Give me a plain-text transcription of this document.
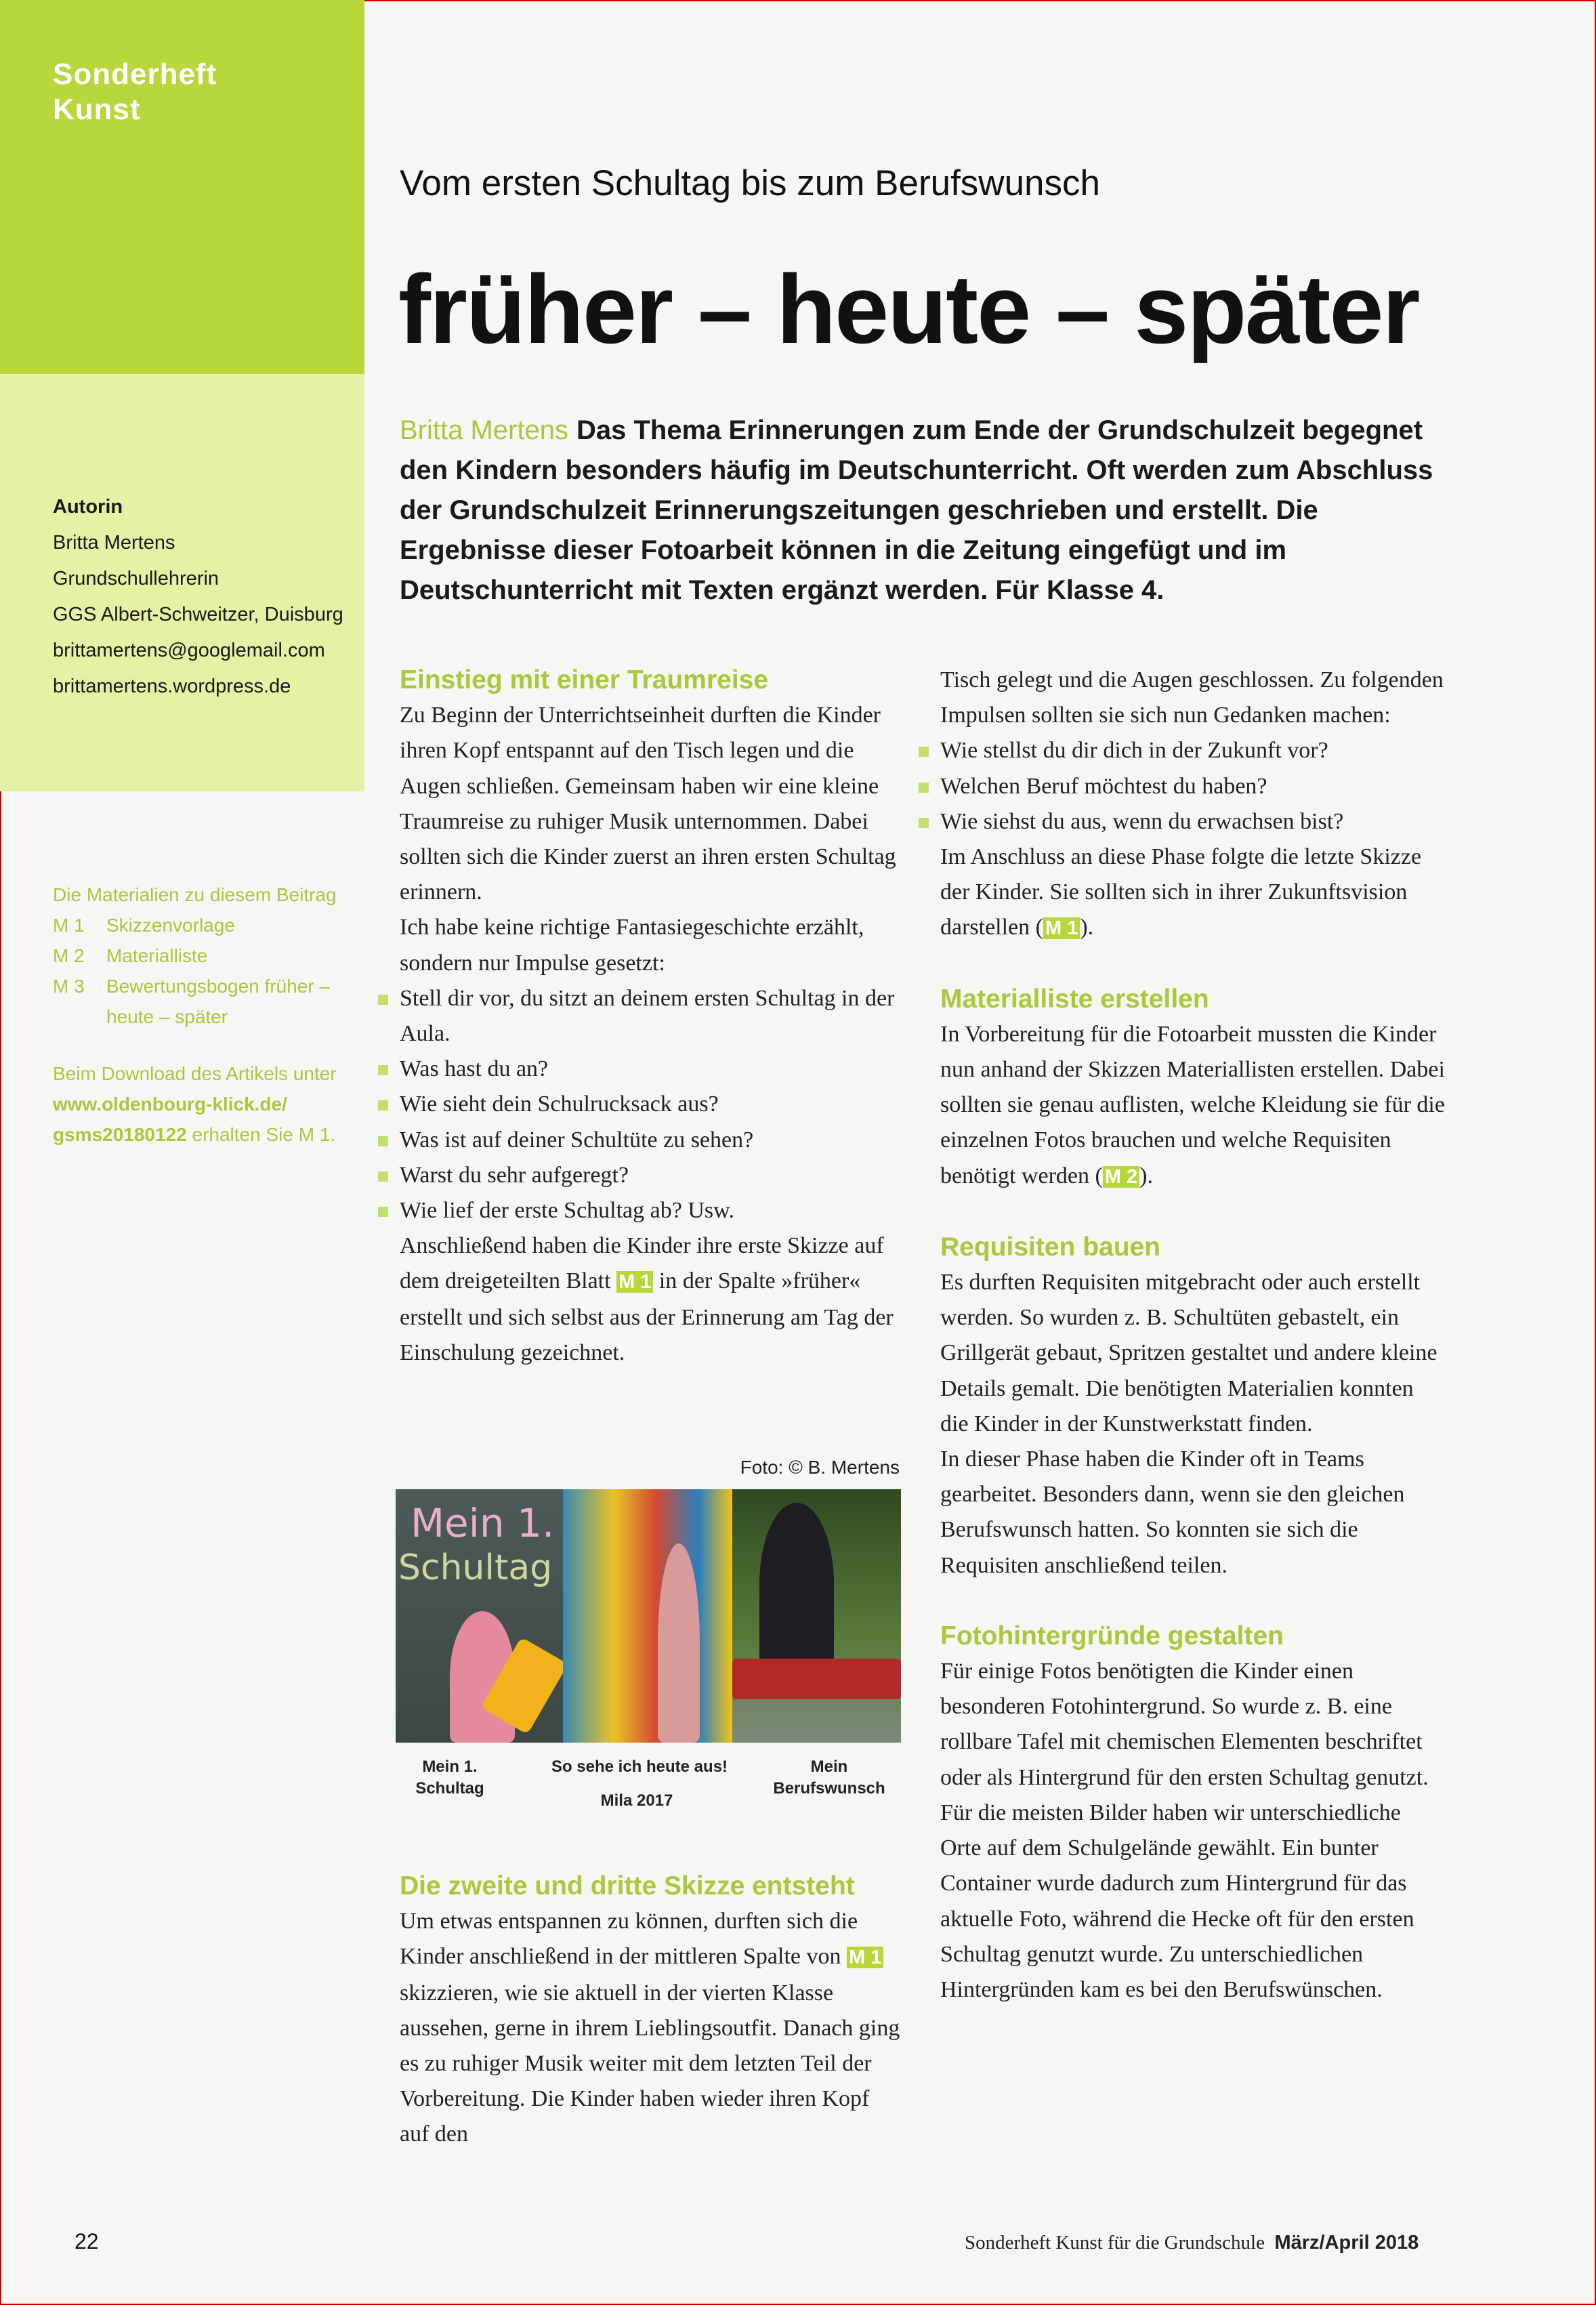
Sonderheft
Kunst
Autorin
Britta Mertens
Grundschullehrerin
GGS Albert-Schweitzer, Duisburg
brittamertens@googlemail.com
brittamertens.wordpress.de
Die Materialien zu diesem Beitrag
M 1	Skizzenvorlage
M 2	Materialliste
M 3	Bewertungsbogen früher – heute – später
Beim Download des Artikels unter www.oldenbourg-klick.de/ gsms20180122 erhalten Sie M 1.
Vom ersten Schultag bis zum Berufswunsch
früher – heute – später
Britta Mertens Das Thema Erinnerungen zum Ende der Grundschulzeit begegnet den Kindern besonders häufig im Deutschunterricht. Oft werden zum Abschluss der Grundschulzeit Erinnerungszeitungen geschrieben und erstellt. Die Ergebnisse dieser Fotoarbeit können in die Zeitung eingefügt und im Deutschunterricht mit Texten ergänzt werden. Für Klasse 4.
Einstieg mit einer Traumreise

Zu Beginn der Unterrichtseinheit durften die Kinder ihren Kopf entspannt auf den Tisch legen und die Augen schließen. Gemeinsam haben wir eine kleine Traumreise zu ruhiger Musik unternommen. Dabei sollten sich die Kinder zuerst an ihren ersten Schultag erinnern.

Ich habe keine richtige Fantasiegeschichte erzählt, sondern nur Impulse gesetzt:

Stell dir vor, du sitzt an deinem ersten Schultag in der Aula.
Was hast du an?
Wie sieht dein Schulrucksack aus?
Was ist auf deiner Schultüte zu sehen?
Warst du sehr aufgeregt?
Wie lief der erste Schultag ab? Usw.

Anschließend haben die Kinder ihre erste Skizze auf dem dreigeteilten Blatt M 1 in der Spalte »früher« erstellt und sich selbst aus der Erinnerung am Tag der Einschulung gezeichnet.

Foto: © B. Mertens
Mein 1.
Schultag
Mein 1. Schultag
So sehe ich heute aus!	Mein Berufswunsch
Mila 2017
Die zweite und dritte Skizze entsteht

Um etwas entspannen zu können, durften sich die Kinder anschließend in der mittleren Spalte von M 1 skizzieren, wie sie aktuell in der vierten Klasse aussehen, gerne in ihrem Lieblingsoutfit. Danach ging es zu ruhiger Musik weiter mit dem letzten Teil der Vorbereitung. Die Kinder haben wieder ihren Kopf auf den

Tisch gelegt und die Augen geschlossen. Zu folgenden Impulsen sollten sie sich nun Gedanken machen:

Wie stellst du dir dich in der Zukunft vor?
Welchen Beruf möchtest du haben?
Wie siehst du aus, wenn du erwachsen bist?

Im Anschluss an diese Phase folgte die letzte Skizze der Kinder. Sie sollten sich in ihrer Zukunftsvision darstellen ( M 1).

Materialliste erstellen

In Vorbereitung für die Fotoarbeit mussten die Kinder nun anhand der Skizzen Materiallisten erstellen. Dabei sollten sie genau auflisten, welche Kleidung sie für die einzelnen Fotos brauchen und welche Requisiten benötigt werden ( M 2).

Requisiten bauen

Es durften Requisiten mitgebracht oder auch erstellt werden. So wurden z. B. Schultüten gebastelt, ein Grillgerät gebaut, Spritzen gestaltet und andere kleine Details gemalt. Die benötigten Materialien konnten die Kinder in der Kunstwerkstatt finden.

In dieser Phase haben die Kinder oft in Teams gearbeitet. Besonders dann, wenn sie den gleichen Berufswunsch hatten. So konnten sie sich die Requisiten anschließend teilen.

Fotohintergründe gestalten

Für einige Fotos benötigten die Kinder einen besonderen Fotohintergrund. So wurde z. B. eine rollbare Tafel mit chemischen Elementen beschriftet oder als Hintergrund für den ersten Schultag genutzt. Für die meisten Bilder haben wir unterschiedliche Orte auf dem Schulgelände gewählt. Ein bunter Container wurde dadurch zum Hintergrund für das aktuelle Foto, während die Hecke oft für den ersten Schultag genutzt wurde. Zu unterschiedlichen Hintergründen kam es bei den Berufswünschen.

22	Sonderheft Kunst für die Grundschule März/April 2018
